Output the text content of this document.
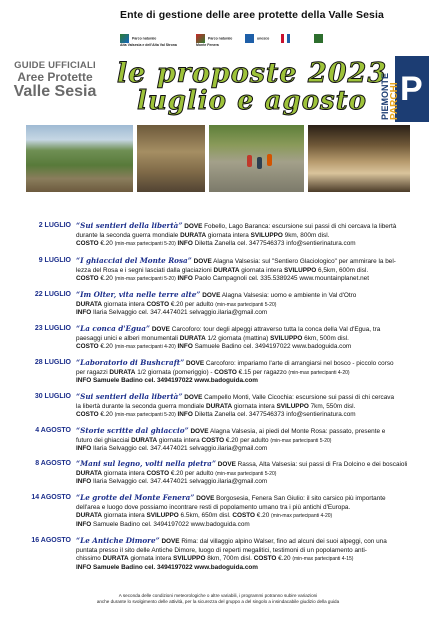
Ente di gestione delle aree protette della Valle Sesia
Parco naturale
Alta Valsesia e dell'Alta Val Strona
Parco naturale
Monte Fenera
unesco
GUIDE UFFICIALI
Aree Protette
Valle Sesia
le proposte 2023
luglio e agosto P
PIEMONTE PARCHI
2 LUGLIO “Sui sentieri della libertà” DOVE Fobello, Lago Baranca: escursione sui passi di chi cercava la libertà
durante la seconda guerra mondiale DURATA giornata intera SVILUPPO 9km, 800m disl.
COSTO €.20 (min-max partecipanti 5-20) INFO Diletta Zanella cel. 3477546373 info@sentierinatura.com
9 LUGLIO “I ghiacciai del Monte Rosa” DOVE Alagna Valsesia: sul "Sentiero Glaciologico" per ammirare la bel-
lezza del Rosa e i segni lasciati dalla glaciazioni DURATA giornata intera SVILUPPO 6,5km, 600m disl.
COSTO €.20 (min-max partecipanti 5-20) INFO Paolo Campagnoli cel. 335.5389245 www.mountainplanet.net
22 LUGLIO “Im Olter, vita nelle terre alte” DOVE Alagna Valsesia: uomo e ambiente in Val d'Otro
DURATA giornata intera COSTO €.20 per adulto (min-max partecipanti 5-20)
INFO Ilaria Selvaggio cel. 347.4474021 selvaggio.ilaria@gmail.com
23 LUGLIO “La conca d'Egua” DOVE Carcoforo: tour degli alpeggi attraverso tutta la conca della Val d'Egua, tra
paesaggi unici e alberi monumentali DURATA 1/2 giornata (mattina) SVILUPPO 6km, 500m disl.
COSTO €.20 (min-max partecipanti 4-20) INFO Samuele Badino cel. 3494197022 www.badoguida.com
28 LUGLIO “Laboratorio di Bushcraft” DOVE Carcoforo: impariamo l'arte di arrangiarsi nel bosco - piccolo corso
per ragazzi DURATA 1/2 giornata (pomeriggio) - COSTO €.15 per ragazzo (min-max partecipanti 4-20)
INFO Samuele Badino cel. 3494197022 www.badoguida.com
30 LUGLIO “Sui sentieri della libertà” DOVE Campello Monti, Valle Cicochia: escursione sui passi di chi cercava
la libertà durante la seconda guerra mondiale DURATA giornata intera SVILUPPO 7km, 550m disl.
COSTO €.20 (min-max partecipanti 5-20) INFO Diletta Zanella cel. 3477546373 info@sentierinatura.com
4 AGOSTO “Storie scritte dal ghiaccio” DOVE Alagna Valsesia, ai piedi del Monte Rosa: passato, presente e
futuro dei ghiacciai DURATA giornata intera COSTO €.20 per adulto (min-max partecipanti 5-20)
INFO Ilaria Selvaggio cel. 347.4474021 selvaggio.ilaria@gmail.com
8 AGOSTO “Mani sul legno, volti nella pietra” DOVE Rassa, Alta Valsesia: sui passi di Fra Dolcino e dei boscaioli
DURATA giornata intera COSTO €.20 per adulto (min-max partecipanti 5-20)
INFO Ilaria Selvaggio cel. 347.4474021 selvaggio.ilaria@gmail.com
14 AGOSTO “Le grotte del Monte Fenera” DOVE Borgosesia, Fenera San Giulio: il sito carsico più importante
dell'area e luogo dove possiamo incontrare resti di popolamento umano tra i più antichi d'Europa.
DURATA giornata intera SVILUPPO 6.5km, 650m disl. COSTO €.20 (min-max partecipanti 4-20)
INFO Samuele Badino cel. 3494197022 www.badoguida.com
16 AGOSTO “Le Antiche Dimore” DOVE Rima: dal villaggio alpino Walser, fino ad alcuni dei suoi alpeggi, con una
puntata presso il sito delle Antiche Dimore, luogo di reperti megalitici, testimoni di un popolamento anti-
chissimo DURATA giornata intera SVILUPPO 8km, 700m disl. COSTO €.20 (min-max partecipanti 4-15)
INFO Samuele Badino cel. 3494197022 www.badoguida.com
A seconda delle condizioni meteorologiche o altre variabili, i programmi potranno subire variazioni
anche durante lo svolgimento delle attività, per la sicurezza del gruppo a del singolo a insindacabile giudizio della guida
